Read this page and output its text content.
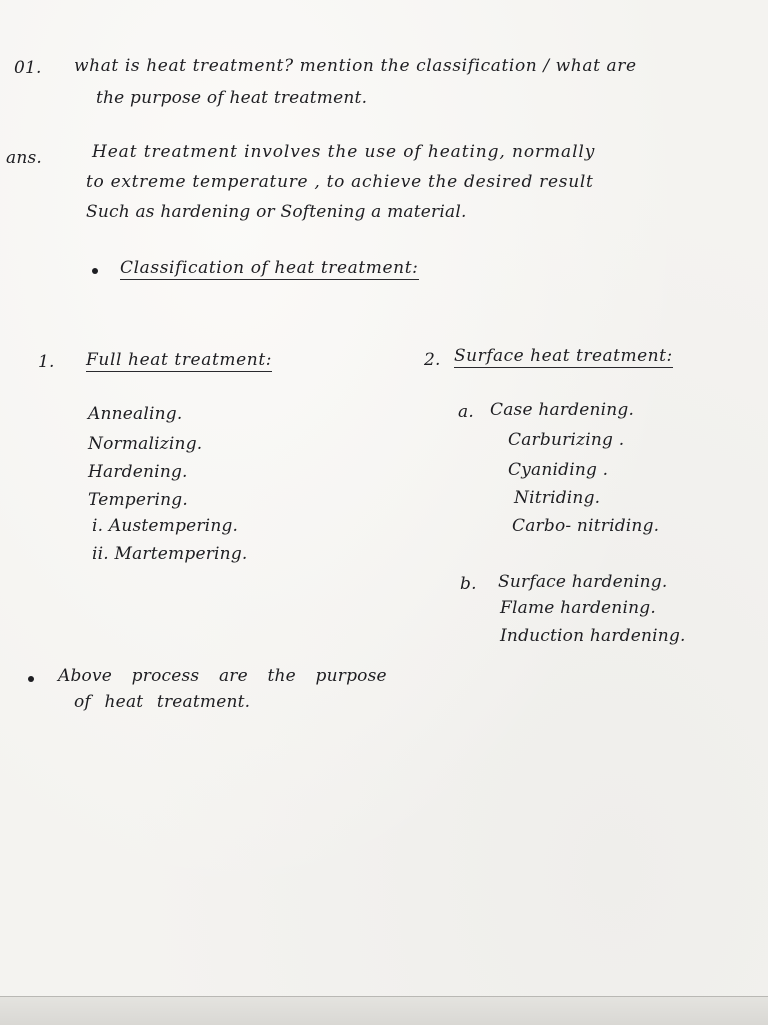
01. what is heat treatment? mention the classification / what are
the purpose of heat treatment.
ans.	Heat treatment involves the use of heating, normally
to extreme temperature , to achieve the desired result
Such as hardening or Softening a material.
Classification of heat treatment:
1. Full heat treatment:
Annealing.
Normalizing.
Hardening.
Tempering.
i. Austempering.
ii. Martempering.
2. Surface heat treatment:
a. Case hardening.
Carburizing .
Cyaniding .
Nitriding.
Carbo- nitriding.
b. Surface hardening.
Flame hardening.
Induction hardening.
Above process are the purpose
of heat treatment.
